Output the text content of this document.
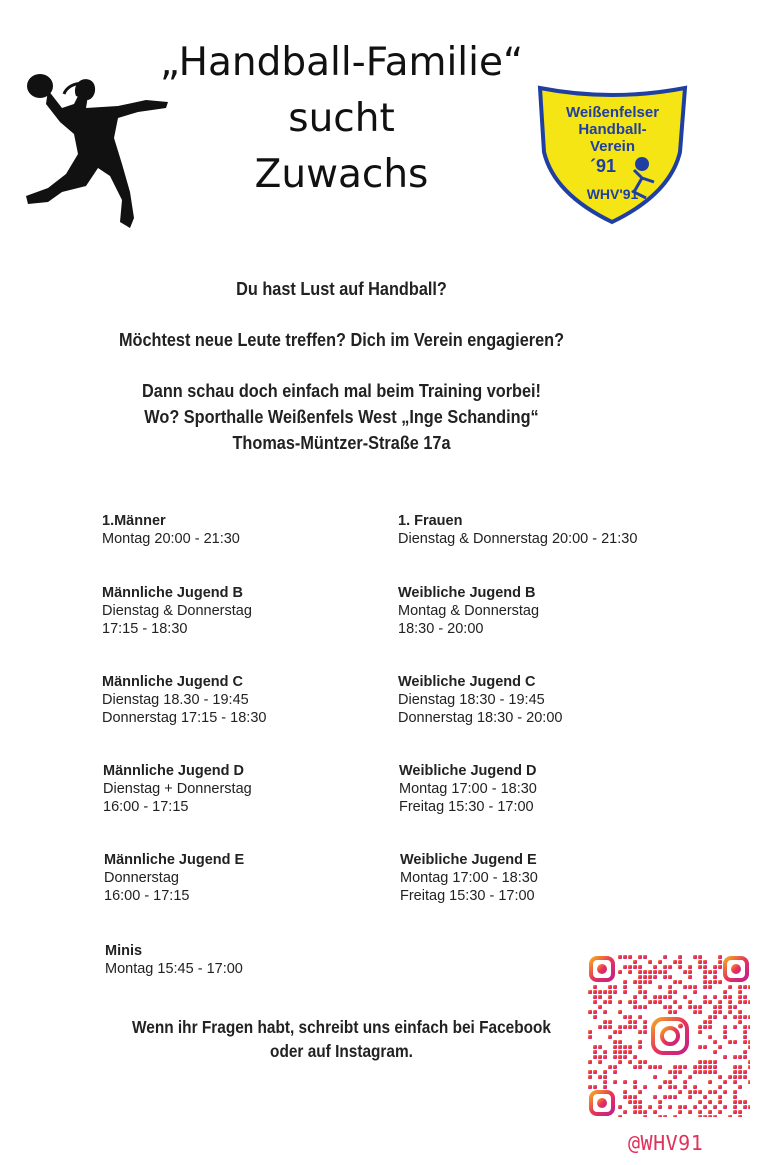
„Handball-Familie“
sucht
Zuwachs
Weißenfelser
Handball-
Verein
´91
WHV'91
Du hast Lust auf Handball?
Möchtest neue Leute treffen? Dich im Verein engagieren?
Dann schau doch einfach mal beim Training vorbei!
Wo? Sporthalle Weißenfels West „Inge Schanding“
Thomas-Müntzer-Straße 17a
1.Männer
Montag 20:00 - 21:30
Männliche Jugend B
Dienstag & Donnerstag
17:15 - 18:30
Männliche Jugend C
Dienstag 18.30 - 19:45
Donnerstag 17:15 - 18:30
Männliche Jugend D
Dienstag + Donnerstag
16:00 - 17:15
Männliche Jugend E
Donnerstag
16:00 - 17:15
Minis
Montag 15:45 - 17:00
1. Frauen
Dienstag & Donnerstag 20:00 - 21:30
Weibliche Jugend B
Montag & Donnerstag
18:30 - 20:00
Weibliche Jugend C
Dienstag 18:30 - 19:45
Donnerstag 18:30 - 20:00
Weibliche Jugend D
Montag 17:00 - 18:30
Freitag 15:30 - 17:00
Weibliche Jugend E
Montag 17:00 - 18:30
Freitag 15:30 - 17:00
Wenn ihr Fragen habt, schreibt uns einfach bei Facebook
oder auf Instagram.
@WHV91
